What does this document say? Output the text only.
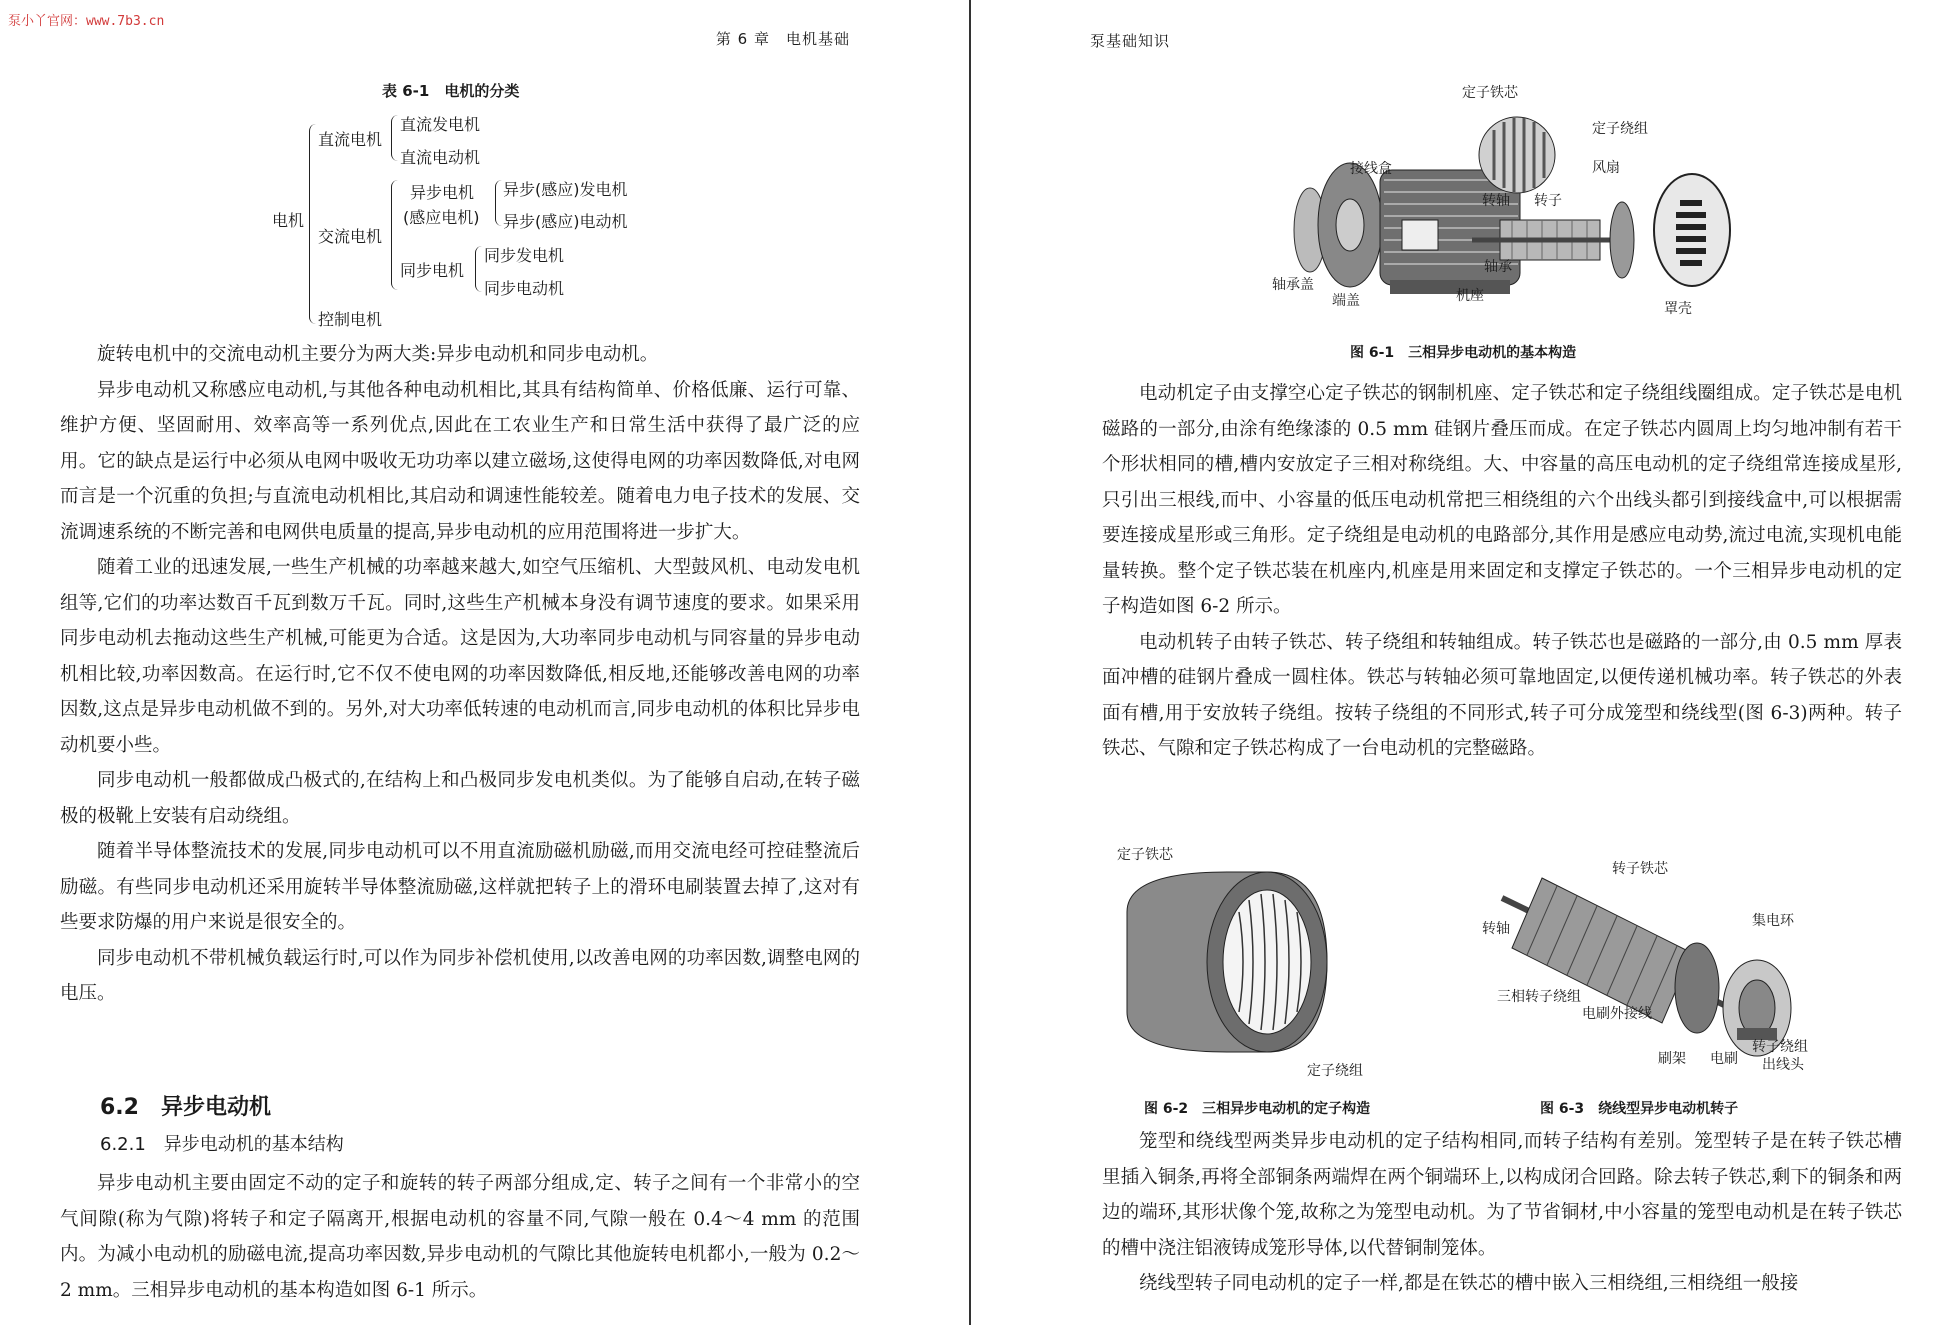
泵小丫官网：www.7b3.cn
第 6 章　电机基础
表 6-1　电机的分类
电机
直流电机
直流发电机
直流电动机
交流电机
异步电机
(感应电机)
异步(感应)发电机
异步(感应)电动机
同步电机
同步发电机
同步电动机
控制电机

旋转电机中的交流电动机主要分为两大类:异步电动机和同步电动机。

异步电动机又称感应电动机,与其他各种电动机相比,其具有结构简单、价格低廉、运行可靠、维护方便、坚固耐用、效率高等一系列优点,因此在工农业生产和日常生活中获得了最广泛的应用。它的缺点是运行中必须从电网中吸收无功功率以建立磁场,这使得电网的功率因数降低,对电网而言是一个沉重的负担;与直流电动机相比,其启动和调速性能较差。随着电力电子技术的发展、交流调速系统的不断完善和电网供电质量的提高,异步电动机的应用范围将进一步扩大。

随着工业的迅速发展,一些生产机械的功率越来越大,如空气压缩机、大型鼓风机、电动发电机组等,它们的功率达数百千瓦到数万千瓦。同时,这些生产机械本身没有调节速度的要求。如果采用同步电动机去拖动这些生产机械,可能更为合适。这是因为,大功率同步电动机与同容量的异步电动机相比较,功率因数高。在运行时,它不仅不使电网的功率因数降低,相反地,还能够改善电网的功率因数,这点是异步电动机做不到的。另外,对大功率低转速的电动机而言,同步电动机的体积比异步电动机要小些。

同步电动机一般都做成凸极式的,在结构上和凸极同步发电机类似。为了能够自启动,在转子磁极的极靴上安装有启动绕组。

随着半导体整流技术的发展,同步电动机可以不用直流励磁机励磁,而用交流电经可控硅整流后励磁。有些同步电动机还采用旋转半导体整流励磁,这样就把转子上的滑环电刷装置去掉了,这对有些要求防爆的用户来说是很安全的。

同步电动机不带机械负载运行时,可以作为同步补偿机使用,以改善电网的功率因数,调整电网的电压。

6.2　异步电动机
6.2.1　异步电动机的基本结构

异步电动机主要由固定不动的定子和旋转的转子两部分组成,定、转子之间有一个非常小的空气间隙(称为气隙)将转子和定子隔离开,根据电动机的容量不同,气隙一般在 0.4～4 mm 的范围内。为减小电动机的励磁电流,提高功率因数,异步电动机的气隙比其他旋转电机都小,一般为 0.2～2 mm。三相异步电动机的基本构造如图 6-1 所示。

泵基础知识
定子铁芯
定子绕组
接线盒	风扇
转轴 转子
轴承
轴承盖
端盖	机座
罩壳
图 6-1　三相异步电动机的基本构造

电动机定子由支撑空心定子铁芯的钢制机座、定子铁芯和定子绕组线圈组成。定子铁芯是电机磁路的一部分,由涂有绝缘漆的 0.5 mm 硅钢片叠压而成。在定子铁芯内圆周上均匀地冲制有若干个形状相同的槽,槽内安放定子三相对称绕组。大、中容量的高压电动机的定子绕组常连接成星形,只引出三根线,而中、小容量的低压电动机常把三相绕组的六个出线头都引到接线盒中,可以根据需要连接成星形或三角形。定子绕组是电动机的电路部分,其作用是感应电动势,流过电流,实现机电能量转换。整个定子铁芯装在机座内,机座是用来固定和支撑定子铁芯的。一个三相异步电动机的定子构造如图 6-2 所示。

电动机转子由转子铁芯、转子绕组和转轴组成。转子铁芯也是磁路的一部分,由 0.5 mm 厚表面冲槽的硅钢片叠成一圆柱体。铁芯与转轴必须可靠地固定,以便传递机械功率。转子铁芯的外表面有槽,用于安放转子绕组。按转子绕组的不同形式,转子可分成笼型和绕线型(图 6-3)两种。转子铁芯、气隙和定子铁芯构成了一台电动机的完整磁路。

定子铁芯
定子绕组
图 6-2　三相异步电动机的定子构造
转子铁芯
转轴	集电环
三相转子绕组
电刷外接线
转子绕组
出线头
刷架 电刷
图 6-3　绕线型异步电动机转子

笼型和绕线型两类异步电动机的定子结构相同,而转子结构有差别。笼型转子是在转子铁芯槽里插入铜条,再将全部铜条两端焊在两个铜端环上,以构成闭合回路。除去转子铁芯,剩下的铜条和两边的端环,其形状像个笼,故称之为笼型电动机。为了节省铜材,中小容量的笼型电动机是在转子铁芯的槽中浇注铝液铸成笼形导体,以代替铜制笼体。

绕线型转子同电动机的定子一样,都是在铁芯的槽中嵌入三相绕组,三相绕组一般接
